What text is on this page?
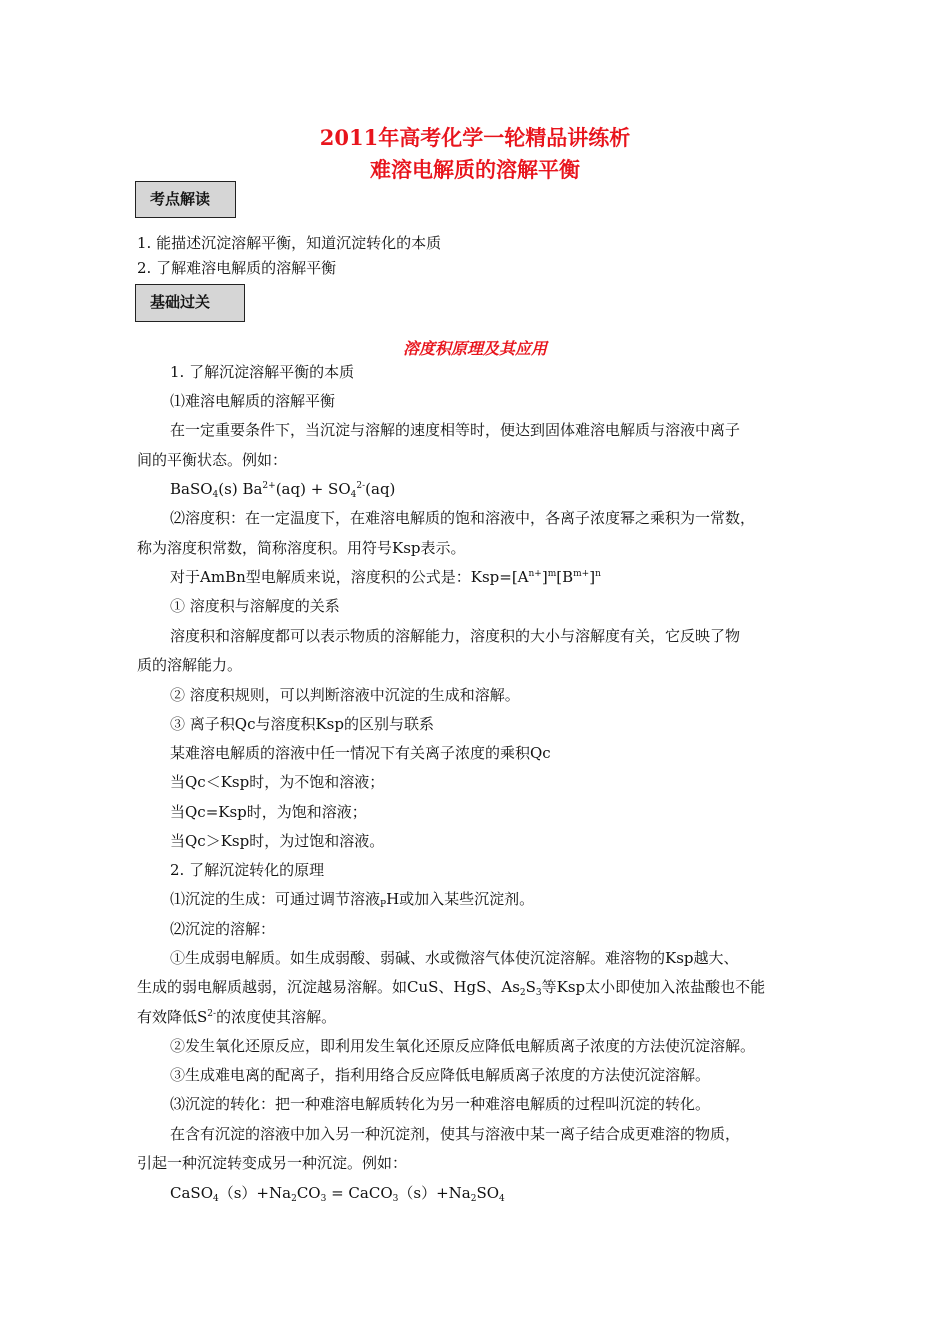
2011年高考化学一轮精品讲练析
难溶电解质的溶解平衡
考点解读
1. 能描述沉淀溶解平衡，知道沉淀转化的本质
2. 了解难溶电解质的溶解平衡
基础过关
溶度积原理及其应用
1. 了解沉淀溶解平衡的本质
⑴难溶电解质的溶解平衡
在一定重要条件下，当沉淀与溶解的速度相等时，便达到固体难溶电解质与溶液中离子
间的平衡状态。例如：
BaSO$_4$(s) $Ba^{2+}(aq) + SO_4^{2-}(aq)$
⑵溶度积：在一定温度下，在难溶电解质的饱和溶液中，各离子浓度幂之乘积为一常数，
称为溶度积常数，简称溶度积。用符号Ksp表示。
对于AmBn型电解质来说，溶度积的公式是：$Ksp=[A^{n+}]^m[B^{m+}]^n$
① 溶度积与溶解度的关系
溶度积和溶解度都可以表示物质的溶解能力，溶度积的大小与溶解度有关，它反映了物
质的溶解能力。
② 溶度积规则，可以判断溶液中沉淀的生成和溶解。
③ 离子积Qc与溶度积Ksp的区别与联系
某难溶电解质的溶液中任一情况下有关离子浓度的乘积Qc
当Qc＜Ksp时，为不饱和溶液；
当Qc=Ksp时，为饱和溶液；
当Qc＞Ksp时，为过饱和溶液。
2. 了解沉淀转化的原理
⑴沉淀的生成：可通过调节溶液$_P$H或加入某些沉淀剂。
⑵沉淀的溶解：
①生成弱电解质。如生成弱酸、弱碱、水或微溶气体使沉淀溶解。难溶物的Ksp越大、
生成的弱电解质越弱，沉淀越易溶解。如CuS、HgS、$As_2S_3$等Ksp太小即使加入浓盐酸也不能
有效降低$S^{2-}$的浓度使其溶解。
②发生氧化还原反应，即利用发生氧化还原反应降低电解质离子浓度的方法使沉淀溶解。
③生成难电离的配离子，指利用络合反应降低电解质离子浓度的方法使沉淀溶解。
⑶沉淀的转化：把一种难溶电解质转化为另一种难溶电解质的过程叫沉淀的转化。
在含有沉淀的溶液中加入另一种沉淀剂，使其与溶液中某一离子结合成更难溶的物质，
引起一种沉淀转变成另一种沉淀。例如：
$CaSO_4(s)+Na_2CO_3$ = $CaCO_3(s)+Na_2SO_4$
